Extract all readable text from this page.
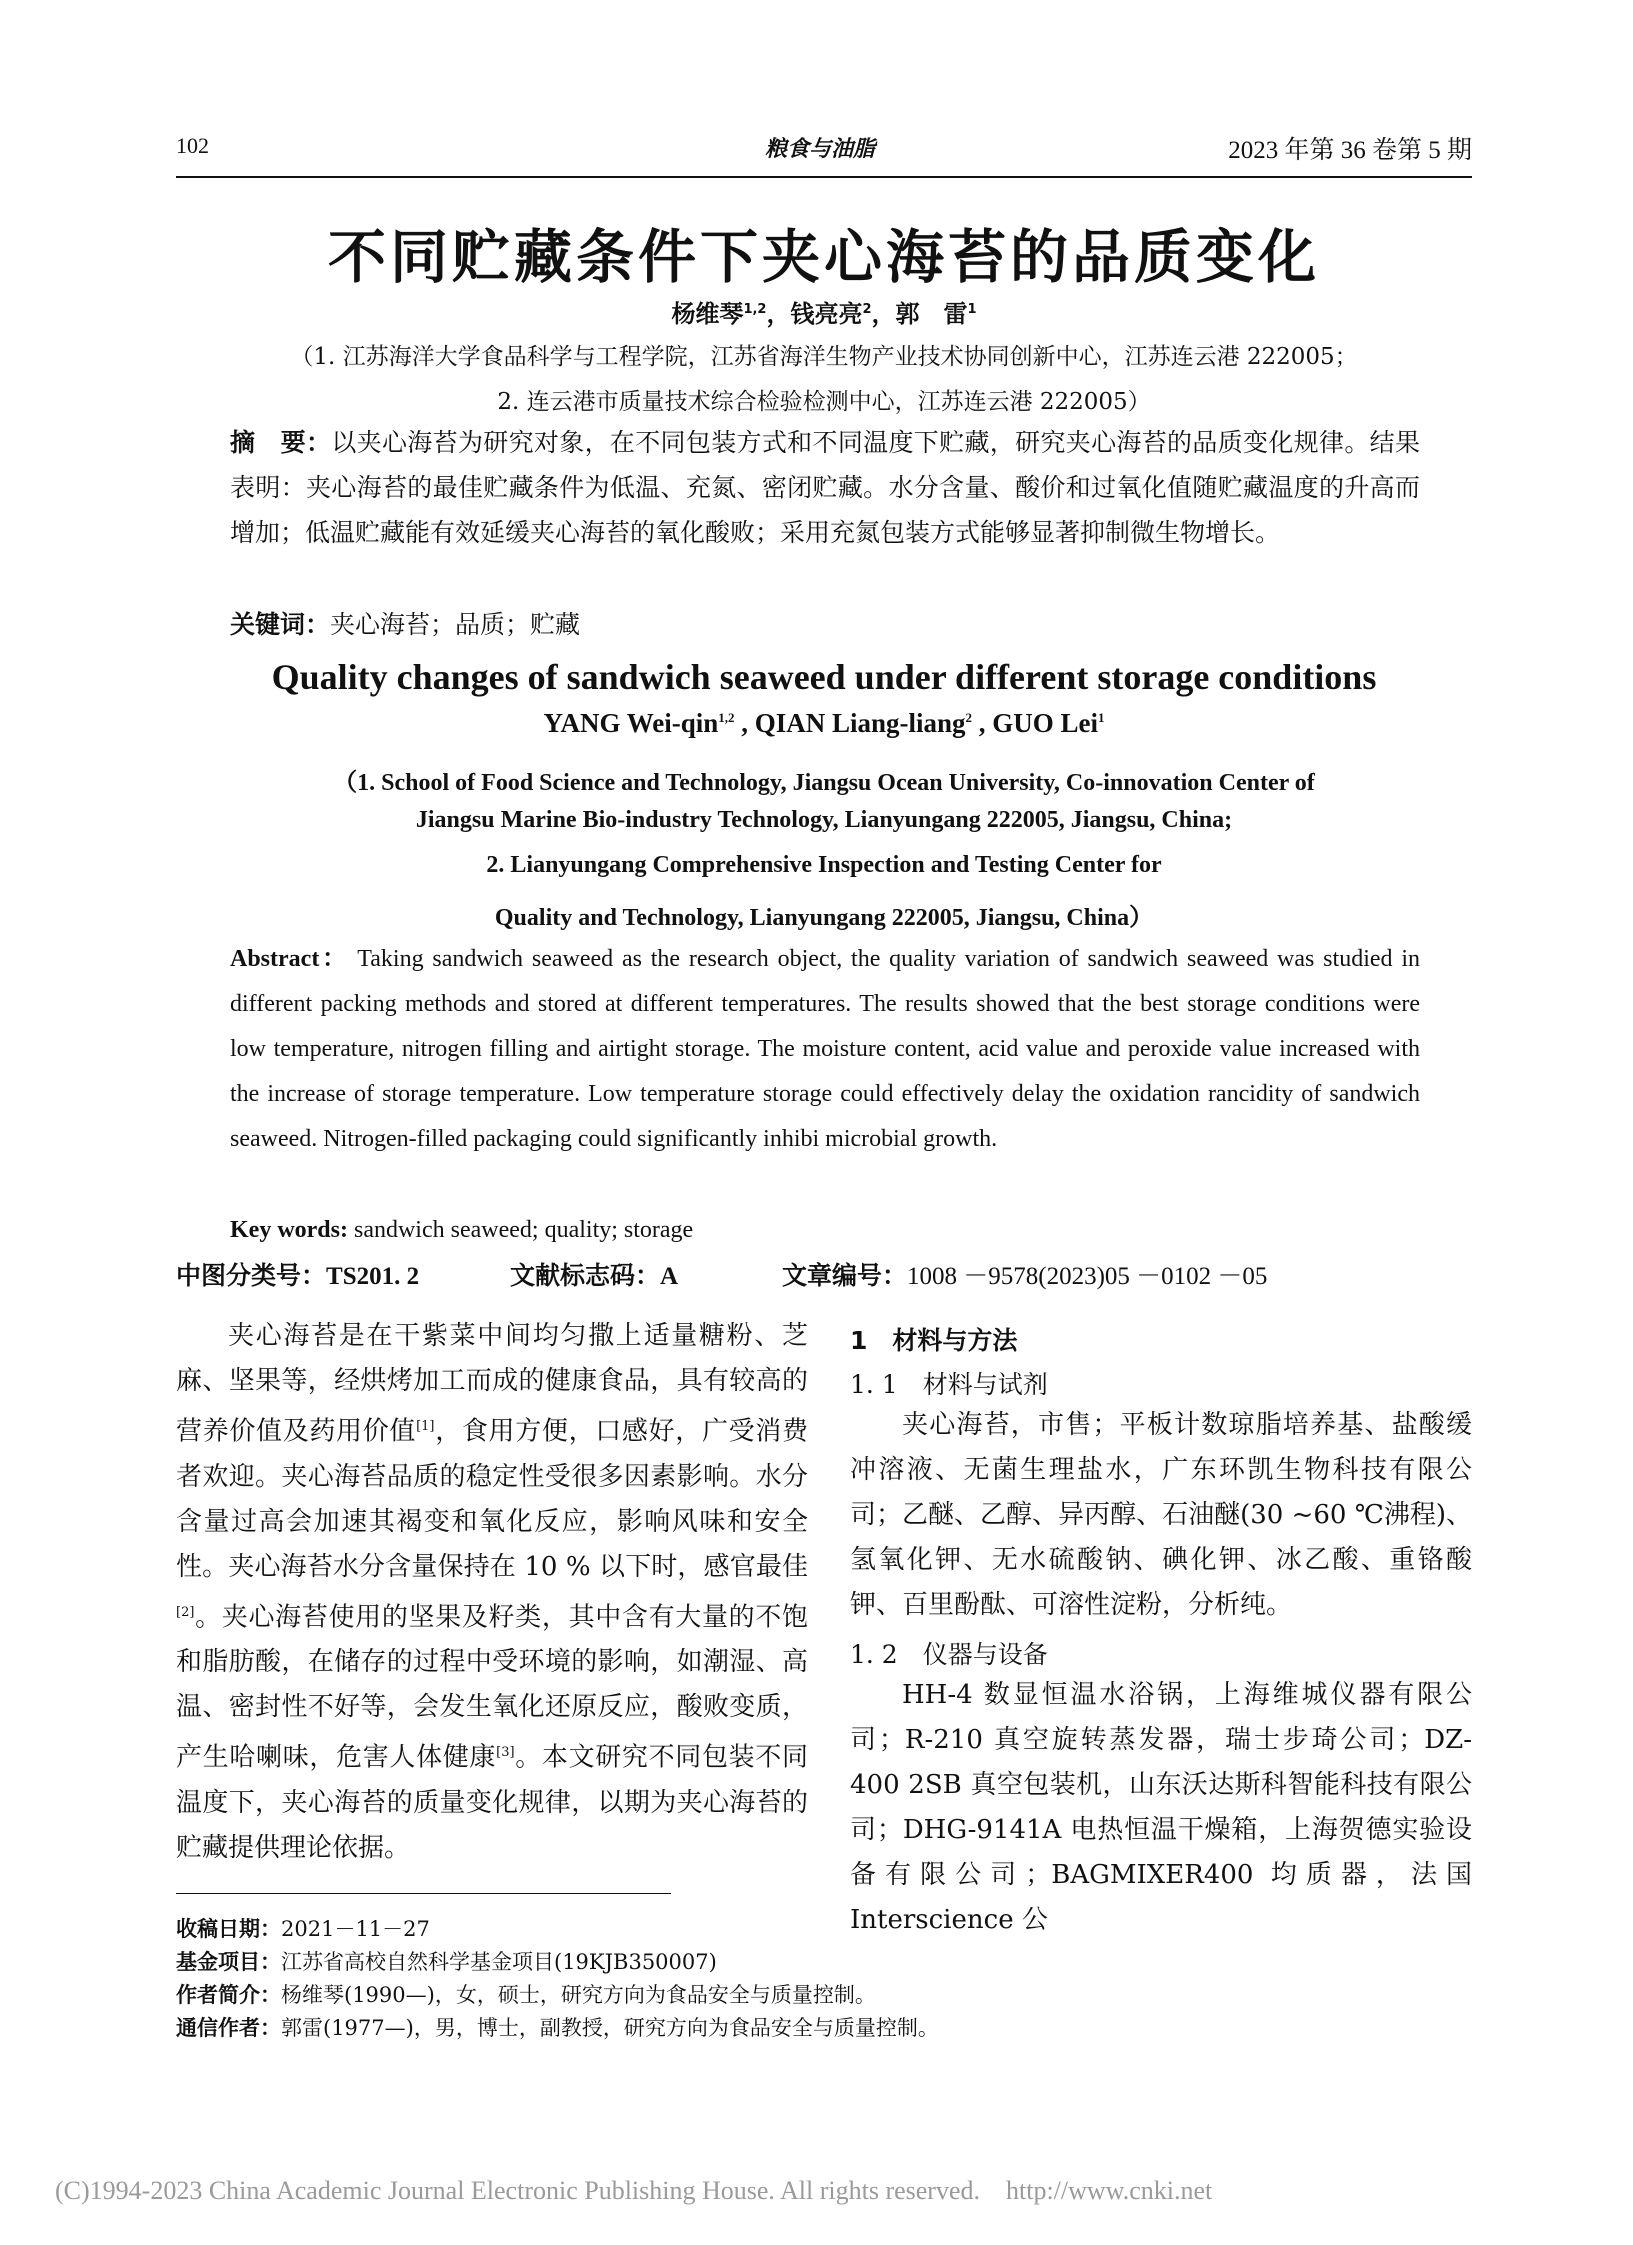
102	粮食与油脂	2023 年第 36 卷第 5 期
不同贮藏条件下夹心海苔的品质变化
杨维琴$^{1,2}$，钱亮亮$^2$，郭　雷$^1$
（1. 江苏海洋大学食品科学与工程学院，江苏省海洋生物产业技术协同创新中心，江苏连云港 222005；
2. 连云港市质量技术综合检验检测中心，江苏连云港 222005）
摘　要：以夹心海苔为研究对象，在不同包装方式和不同温度下贮藏，研究夹心海苔的品质变化规律。结果表明：夹心海苔的最佳贮藏条件为低温、充氮、密闭贮藏。水分含量、酸价和过氧化值随贮藏温度的升高而增加；低温贮藏能有效延缓夹心海苔的氧化酸败；采用充氮包装方式能够显著抑制微生物增长。
关键词：夹心海苔；品质；贮藏
Quality changes of sandwich seaweed under different storage conditions
YANG Wei-qin$^{1,2}$ , QIAN Liang-liang$^2$ , GUO Lei$^1$
（1. School of Food Science and Technology, Jiangsu Ocean University, Co-innovation Center of
Jiangsu Marine Bio-industry Technology, Lianyungang 222005, Jiangsu, China;
2. Lianyungang Comprehensive Inspection and Testing Center for
Quality and Technology, Lianyungang 222005, Jiangsu, China）
Abstract： Taking sandwich seaweed as the research object, the quality variation of sandwich seaweed was studied in different packing methods and stored at different temperatures. The results showed that the best storage conditions were low temperature, nitrogen filling and airtight storage. The moisture content, acid value and peroxide value increased with the increase of storage temperature. Low temperature storage could effectively delay the oxidation rancidity of sandwich seaweed. Nitrogen-filled packaging could significantly inhibi microbial growth.
Key words: sandwich seaweed; quality; storage
中图分类号：TS201. 2	文献标志码：A	文章编号：1008 －9578(2023)05 －0102 －05
夹心海苔是在干紫菜中间均匀撒上适量糖粉、芝麻、坚果等，经烘烤加工而成的健康食品，具有较高的营养价值及药用价值[1]，食用方便，口感好，广受消费者欢迎。夹心海苔品质的稳定性受很多因素影响。水分含量过高会加速其褐变和氧化反应，影响风味和安全性。夹心海苔水分含量保持在 10 % 以下时，感官最佳[2]。夹心海苔使用的坚果及籽类，其中含有大量的不饱和脂肪酸，在储存的过程中受环境的影响，如潮湿、高温、密封性不好等，会发生氧化还原反应，酸败变质，产生哈喇味，危害人体健康[3]。本文研究不同包装不同温度下，夹心海苔的质量变化规律，以期为夹心海苔的贮藏提供理论依据。
1　材料与方法
1. 1　材料与试剂
夹心海苔，市售；平板计数琼脂培养基、盐酸缓冲溶液、无菌生理盐水，广东环凯生物科技有限公司；乙醚、乙醇、异丙醇、石油醚(30 ~60 ℃沸程)、氢氧化钾、无水硫酸钠、碘化钾、冰乙酸、重铬酸钾、百里酚酞、可溶性淀粉，分析纯。
1. 2　仪器与设备
HH-4 数显恒温水浴锅，上海维城仪器有限公司；R-210 真空旋转蒸发器，瑞士步琦公司；DZ-400 2SB 真空包装机，山东沃达斯科智能科技有限公司；DHG-9141A 电热恒温干燥箱，上海贺德实验设备有限公司；BAGMIXER400 均质器，法国 Interscience 公
收稿日期：2021－11－27
基金项目：江苏省高校自然科学基金项目(19KJB350007)
作者简介：杨维琴(1990—)，女，硕士，研究方向为食品安全与质量控制。
通信作者：郭雷(1977—)，男，博士，副教授，研究方向为食品安全与质量控制。
(C)1994-2023 China Academic Journal Electronic Publishing House. All rights reserved.    http://www.cnki.net
